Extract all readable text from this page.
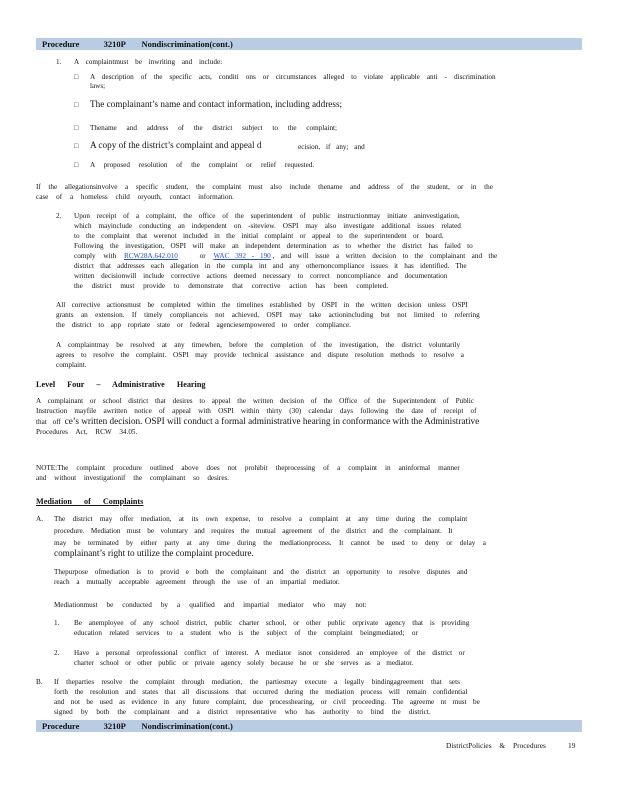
Procedure	3210P Nondiscrimination(cont.)
1. A complaintmust be inwriting and include:
□ A description of the specific acts, conditi ons or circumstances alleged to violate applicable anti - discrimination
laws;
□ The complainant’s name and contact information, including address;
□ Thename and address of the district subject to the complaint;
□ A copy of the district’s complaint and appeal d	ecision, if any; and
□ A proposed resolution of the complaint or relief requested.
If the allegationsinvolve a specific student, the complaint must also include thename and address of the student, or in the
case of a homeless child oryouth, contact information.
2. Upon receipt of a complaint, the office of the superintendent of public instructionmay initiate aninvestigation,
which mayinclude conducting an independent on -siteview. OSPI may also investigate additional issues related
to the complaint that werenot included in the initial complaint or appeal to the superintendent or board.
Following the investigation, OSPI will make an independent determination as to whether the district has failed to
comply with RCW28A.642.010	or WAC 392 - 190 , and will issue a written decision to the complainant and the
district that addresses each allegation in the compla int and any othernoncompliance issues it has identified. The
written decisionwill include corrective actions deemed necessary to correct noncompliance and documentation
the district must provide to demonstrate that corrective action has been completed.
All corrective actionsmust be completed within the timelines established by OSPI in the written decision unless OSPI
grants an extension. If timely compliancеis not achieved, OSPI may take actionincluding but not limited to referring
the district to app ropriate state or federal agenciesempowered to order compliance.
A complaintmay be resolved at any timewhen, before the completion of the investigation, the district voluntarily
agrees to resolve the complaint. OSPI may provide technical assistance and dispute resolution methods to resolve a
complaint.
Level Four – Administrative Hearing
A complainant or school district that desires to appeal the written decision of the Office of the Superintendent of Public
Instruction mayfile awritten notice of appeal with OSPI within thirty (30) calendar days following the date of receipt of
that off ce’s written decision. OSPI will conduct a formal administrative hearing in conformance with the Administrative
Procedures Act, RCW 34.05.
NOTE:The complaint procedure outlined above does not prohibit theprocessing of a complaint in aninformal manner
and without investigationif the complainant so desires.
Mediation of Complaints
A. The district may offer mediation, at its own expense, to resolve a complaint at any time during the complaint
procedure. Mediation must be voluntary and requires the mutual agreement of the district and the complainant. It
may be terminated by either party at any time during the mediationprocess. It cannot be used to deny or delay a
complainant’s right to utilize the complaint procedure.
Thepurpose ofmediation is to provid e both the complainant and the district an opportunity to resolve disputes and
reach a mutually acceptable agreement through the use of an impartial mediator.
Mediationmust be conducted by a qualified and impartial mediator who may not:
1. Be anemployee of any school district, public charter school, or other public orprivate agency that is providing
education related services to a student who is the subject of the complaint beingmediated; or
2. Have a personal orprofessional conflict of interest. A mediator isnot considered an employee of the district or
charter school or other public or private agency solely because he or she serves as a mediator.
B. If theparties resolve the complaint through mediation, the partiesmay execute a legally bindingagreement that sets
forth the resolution and states that all discussions that occurred during the mediation process will remain confidential
and not be used as evidence in any future complaint, due processhearing, or civil proceeding. The agreeme nt must be
signed by both the complainant and a district representative who has authority to bind the district.
Procedure	3210P Nondiscrimination(cont.)
DistrictPolicies & Procedures	19
